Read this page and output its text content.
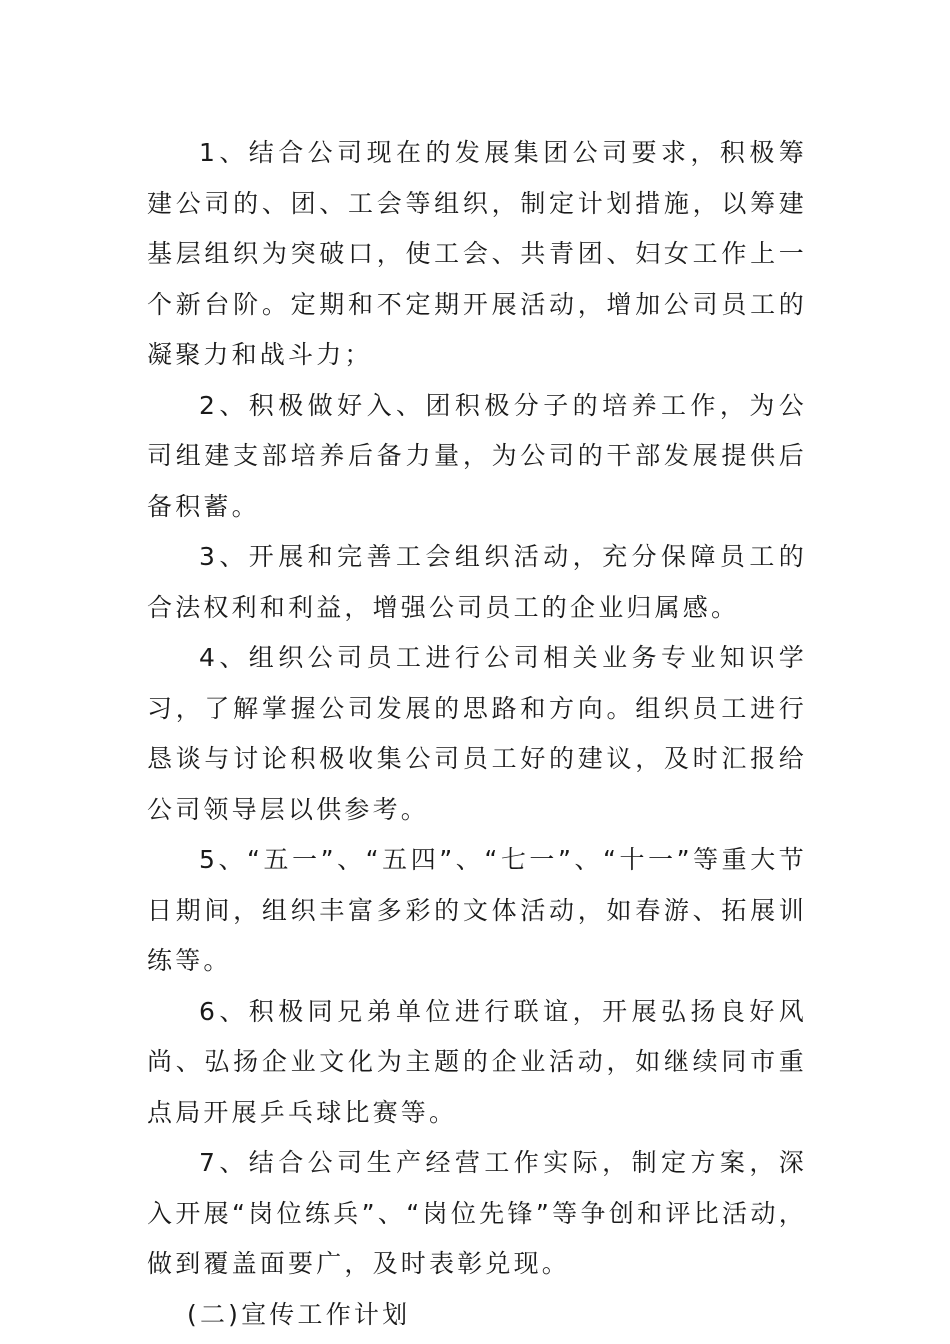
1、结合公司现在的发展集团公司要求，积极筹建公司的、团、工会等组织，制定计划措施，以筹建基层组织为突破口，使工会、共青团、妇女工作上一个新台阶。定期和不定期开展活动，增加公司员工的凝聚力和战斗力；

2、积极做好入、团积极分子的培养工作，为公司组建支部培养后备力量，为公司的干部发展提供后备积蓄。

3、开展和完善工会组织活动，充分保障员工的合法权利和利益，增强公司员工的企业归属感。

4、组织公司员工进行公司相关业务专业知识学习，了解掌握公司发展的思路和方向。组织员工进行恳谈与讨论积极收集公司员工好的建议，及时汇报给公司领导层以供参考。

5、“五一”、“五四”、“七一”、“十一”等重大节日期间，组织丰富多彩的文体活动，如春游、拓展训练等。

6、积极同兄弟单位进行联谊，开展弘扬良好风尚、弘扬企业文化为主题的企业活动，如继续同市重点局开展乒乓球比赛等。

7、结合公司生产经营工作实际，制定方案，深入开展“岗位练兵”、“岗位先锋”等争创和评比活动，做到覆盖面要广，及时表彰兑现。

(二)宣传工作计划
